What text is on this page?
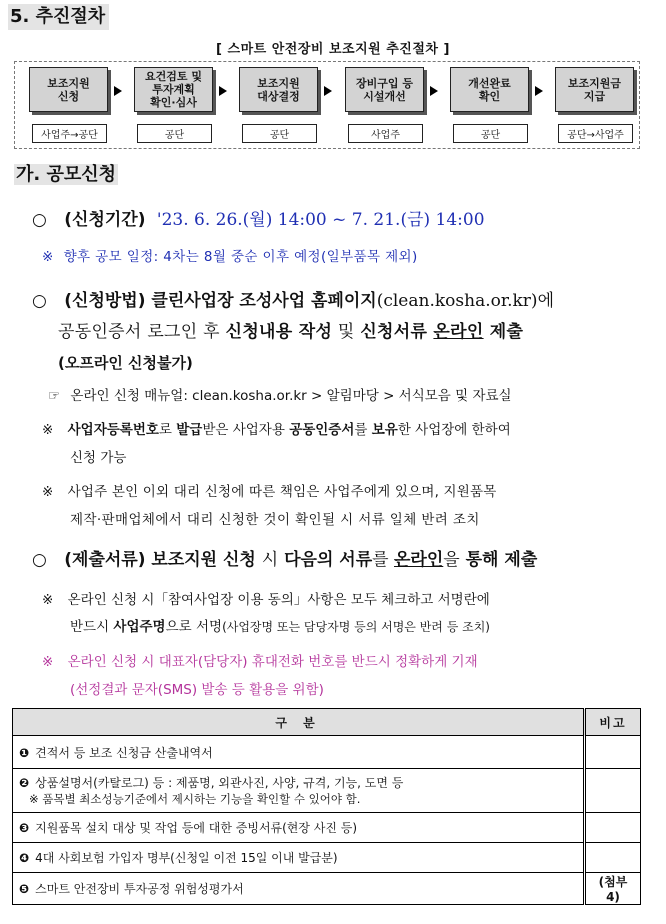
5. 추진절차
[ 스마트 안전장비 보조지원 추진절차 ]
보조지원
신청
요건검토 및
투자계획
확인·심사
보조지원
대상결정
장비구입 등
시설개선
개선완료
확인
보조지원금
지급
사업주→공단	공단	공단	사업주	공단	공단→사업주
가. 공모신청
○ (신청기간) '23. 6. 26.(월) 14:00 ~ 7. 21.(금) 14:00
※ 향후 공모 일정: 4차는 8월 중순 이후 예정(일부품목 제외)
○ (신청방법) 클린사업장 조성사업 홈페이지(clean.kosha.or.kr)에
공동인증서 로그인 후 신청내용 작성 및 신청서류 온라인 제출
(오프라인 신청불가)
☞ 온라인 신청 매뉴얼: clean.kosha.or.kr > 알림마당 > 서식모음 및 자료실
※ 사업자등록번호로 발급받은 사업자용 공동인증서를 보유한 사업장에 한하여
신청 가능
※ 사업주 본인 이외 대리 신청에 따른 책임은 사업주에게 있으며, 지원품목
제작·판매업체에서 대리 신청한 것이 확인될 시 서류 일체 반려 조치
○ (제출서류) 보조지원 신청 시 다음의 서류를 온라인을 통해 제출
※ 온라인 신청 시「참여사업장 이용 동의」사항은 모두 체크하고 서명란에
반드시 사업주명으로 서명(사업장명 또는 담당자명 등의 서명은 반려 등 조치)
※ 온라인 신청 시 대표자(담당자) 휴대전화 번호를 반드시 정확하게 기재
(선정결과 문자(SMS) 발송 등 활용을 위함)
구 분	비고
❶ 견적서 등 보조 신청금 산출내역서	

❷ 상품설명서(카탈로그) 등 : 제품명, 외관사진, 사양, 규격, 기능, 도면 등
※ 품목별 최소성능기준에서 제시하는 기능을 확인할 수 있어야 함.	

❸ 지원품목 설치 대상 및 작업 등에 대한 증빙서류(현장 사진 등)	
❹ 4대 사회보험 가입자 명부(신청일 이전 15일 이내 발급분)	
❺ 스마트 안전장비 투자공정 위험성평가서	(첨부4)
